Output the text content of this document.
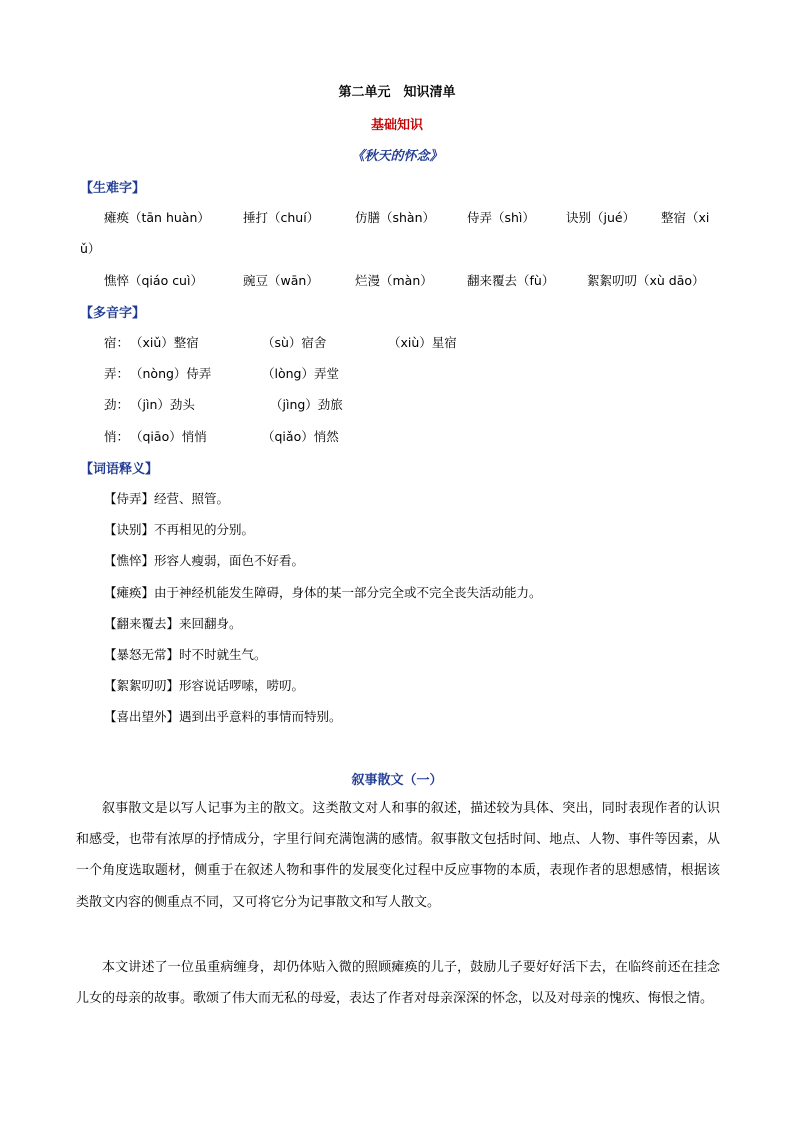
第二单元　知识清单
基础知识
《秋天的怀念》
【生难字】
瘫痪（tān huàn）	捶打（chuí）	仿膳（shàn）	侍弄（shì） 诀别（jué） 整宿（xi
ǔ）
憔悴（qiáo cuì）	豌豆（wān）	烂漫（màn）	翻来覆去（fù）	絮絮叨叨（xù dāo）
【多音字】
宿： （xiǔ）整宿	（sù）宿舍	（xiù）星宿
弄： （nòng）侍弄	（lòng）弄堂
劲： （jìn）劲头	（jìng）劲旅
悄： （qiāo）悄悄	（qiǎo）悄然
【词语释义】
【侍弄】经营、照管。
【诀别】不再相见的分别。
【憔悴】形容人瘦弱，面色不好看。
【瘫痪】由于神经机能发生障碍，身体的某一部分完全或不完全丧失活动能力。
【翻来覆去】来回翻身。
【暴怒无常】时不时就生气。
【絮絮叨叨】形容说话啰嗦，唠叨。
【喜出望外】遇到出乎意料的事情而特别。
叙事散文（一）
叙事散文是以写人记事为主的散文。这类散文对人和事的叙述，描述较为具体、突出，同时表现作者的认识和感受，也带有浓厚的抒情成分，字里行间充满饱满的感情。叙事散文包括时间、地点、人物、事件等因素，从一个角度选取题材，侧重于在叙述人物和事件的发展变化过程中反应事物的本质，表现作者的思想感情，根据该类散文内容的侧重点不同，又可将它分为记事散文和写人散文。
本文讲述了一位虽重病缠身，却仍体贴入微的照顾瘫痪的儿子，鼓励儿子要好好活下去，在临终前还在挂念儿女的母亲的故事。歌颂了伟大而无私的母爱，表达了作者对母亲深深的怀念，以及对母亲的愧疚、悔恨之情。
